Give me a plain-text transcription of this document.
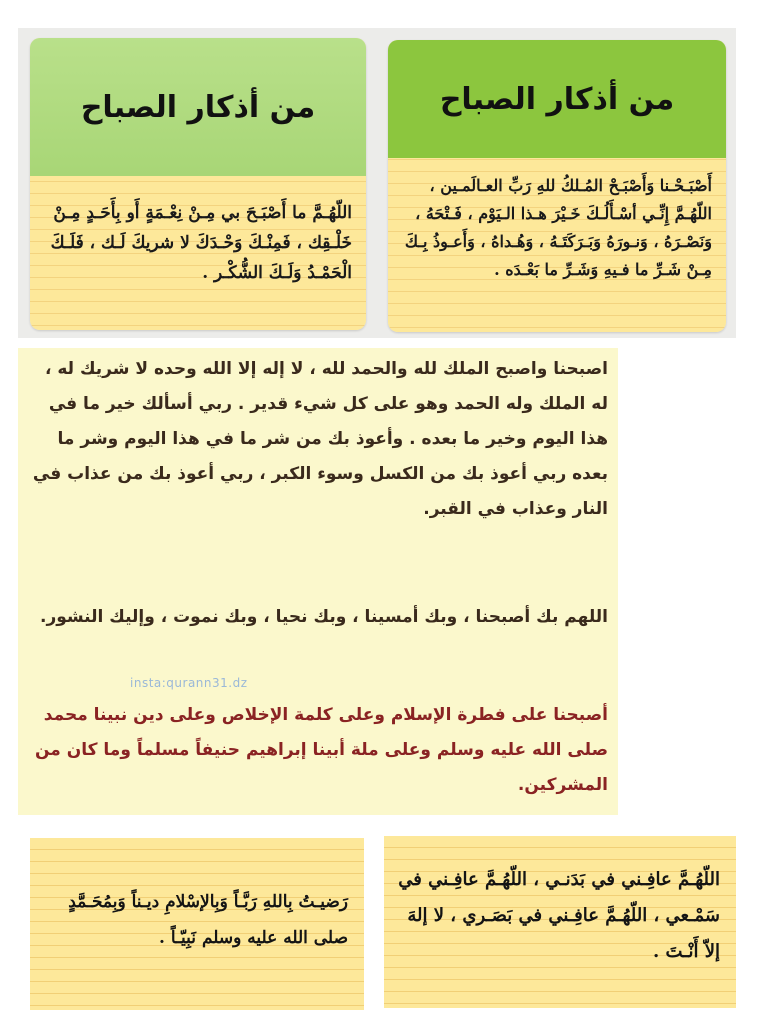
من أذكار الصباح
اللّهُـمَّ ما أَصْبَـحَ بي مِـنْ نِعْـمَةٍ أَو بِأَحَـدٍ مِـنْ خَلْـقِك ، فَمِنْـكَ وَحْـدَكَ لا شريكَ لَـك ، فَلَـكَ الْحَمْـدُ وَلَـكَ الشُّكْـر .
من أذكار الصباح
أَصْبَـحْـنا وَأَصْبَـحْ المُـلكُ للهِ رَبِّ العـالَمـين ، اللّهُـمَّ إِنِّـي أسْـأَلُـكَ خَـيْرَ هـذا الـيَوْم ، فَـتْحَهُ ، وَنَصْـرَهُ ، وَنـورَهُ وَبَـرَكَتَـهُ ، وَهُـداهُ ، وَأَعـوذُ بِـكَ مِـنْ شَـرِّ ما فـيهِ وَشَـرِّ ما بَعْـدَه .
اصبحنا واصبح الملك لله والحمد لله ، لا إله إلا الله وحده لا شريك له ، له الملك وله الحمد وهو على كل شيء قدير . ربي أسألك خير ما في هذا اليوم وخير ما بعده . وأعوذ بك من شر ما في هذا اليوم وشر ما بعده ربي أعوذ بك من الكسل وسوء الكبر ، ربي أعوذ بك من عذاب في النار وعذاب في القبر.
اللهم بك أصبحنا ، وبك أمسينا ، وبك نحيا ، وبك نموت ، وإليك النشور.
insta:qurann31.dz
أصبحنا على فطرة الإسلام وعلى كلمة الإخلاص وعلى دين نبينا محمد صلى الله عليه وسلم وعلى ملة أبينا إبراهيم حنيفاً مسلماً وما كان من المشركين.
رَضيـتُ بِاللهِ رَبَّـاً وَبِالإسْلامِ ديـناً وَبِمُحَـمَّدٍ صلى الله عليه وسلم نَبِيّـاً .
اللّهُـمَّ عافِـني في بَدَنـي ، اللّهُـمَّ عافِـني في سَمْـعي ، اللّهُـمَّ عافِـني في بَصَـري ، لا إلهَ إلاّ أَنْـتَ .
